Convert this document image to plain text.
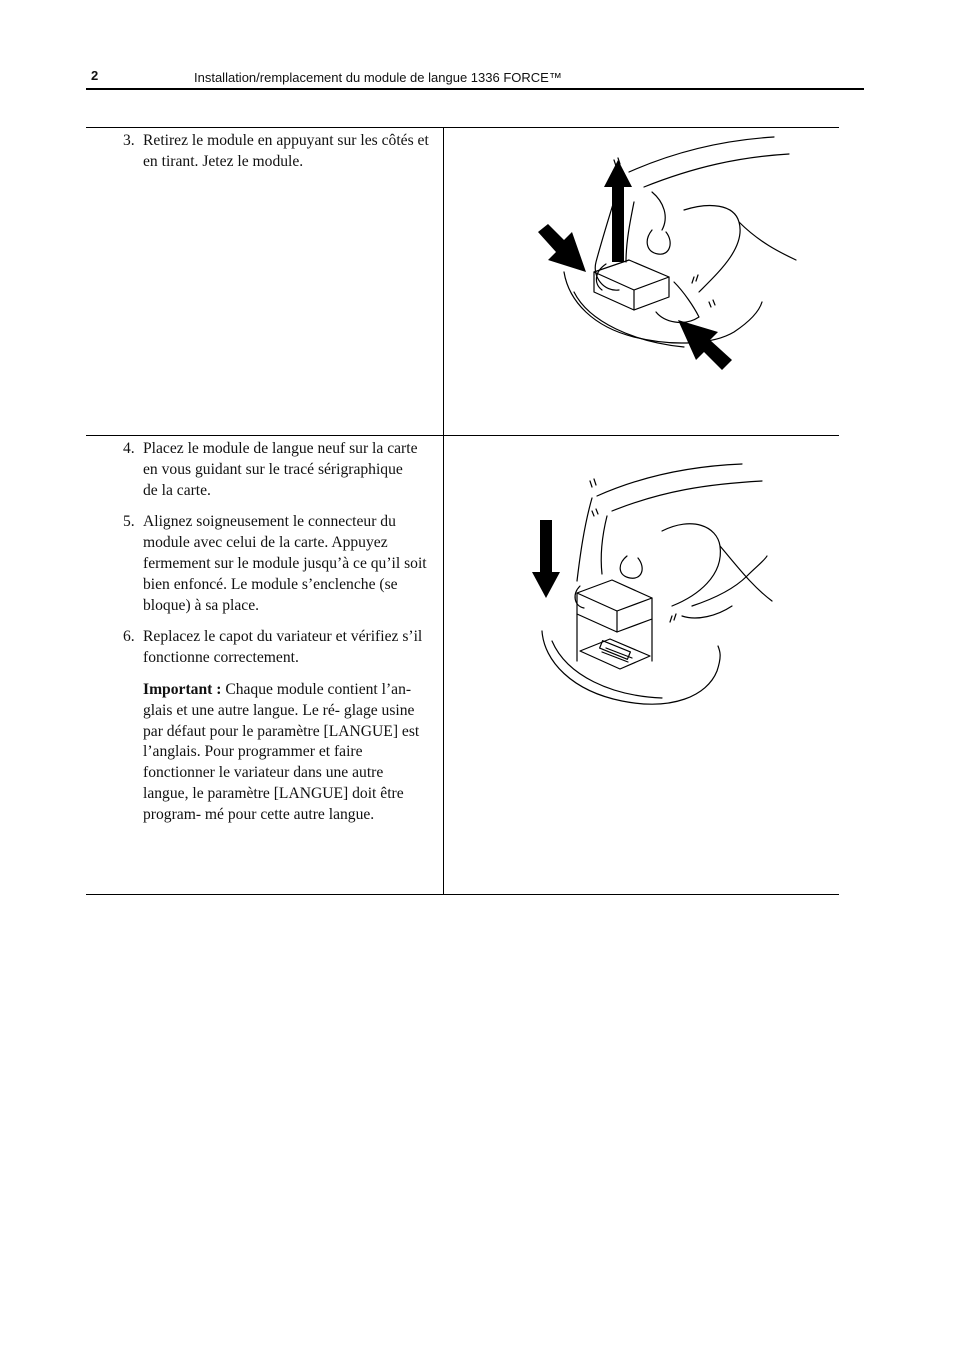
2	Installation/remplacement du module de langue 1336 FORCE™
3. Retirez le module en appuyant sur les côtés et en tirant. Jetez le module.
4. Placez le module de langue neuf sur la carte en vous guidant sur le tracé sérigraphique
de la carte.
5. Alignez soigneusement le connecteur du module avec celui de la carte. Appuyez fermement sur le module jusqu’à ce qu’il soit bien enfoncé. Le module s’enclenche (se bloque) à sa place.
6. Replacez le capot du variateur et vérifiez s’il fonctionne correctement.
Important : Chaque module contient l’an- glais et une autre langue. Le ré- glage usine par défaut pour le paramètre [LANGUE] est l’anglais. Pour programmer et faire fonctionner le variateur dans une autre langue, le paramètre [LANGUE] doit être program- mé pour cette autre langue.
